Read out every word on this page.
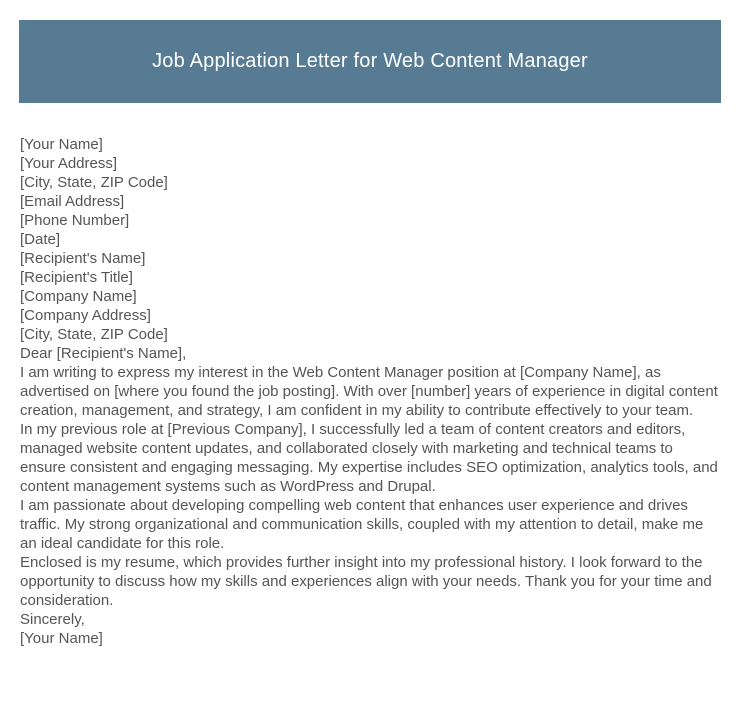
Job Application Letter for Web Content Manager
[Your Name]
[Your Address]
[City, State, ZIP Code]
[Email Address]
[Phone Number]
[Date]
[Recipient's Name]
[Recipient's Title]
[Company Name]
[Company Address]
[City, State, ZIP Code]
Dear [Recipient's Name],

I am writing to express my interest in the Web Content Manager position at [Company Name], as advertised on [where you found the job posting]. With over [number] years of experience in digital content creation, management, and strategy, I am confident in my ability to contribute effectively to your team.

In my previous role at [Previous Company], I successfully led a team of content creators and editors, managed website content updates, and collaborated closely with marketing and technical teams to ensure consistent and engaging messaging. My expertise includes SEO optimization, analytics tools, and content management systems such as WordPress and Drupal.

I am passionate about developing compelling web content that enhances user experience and drives traffic. My strong organizational and communication skills, coupled with my attention to detail, make me an ideal candidate for this role.

Enclosed is my resume, which provides further insight into my professional history. I look forward to the opportunity to discuss how my skills and experiences align with your needs. Thank you for your time and consideration.

Sincerely,
[Your Name]
